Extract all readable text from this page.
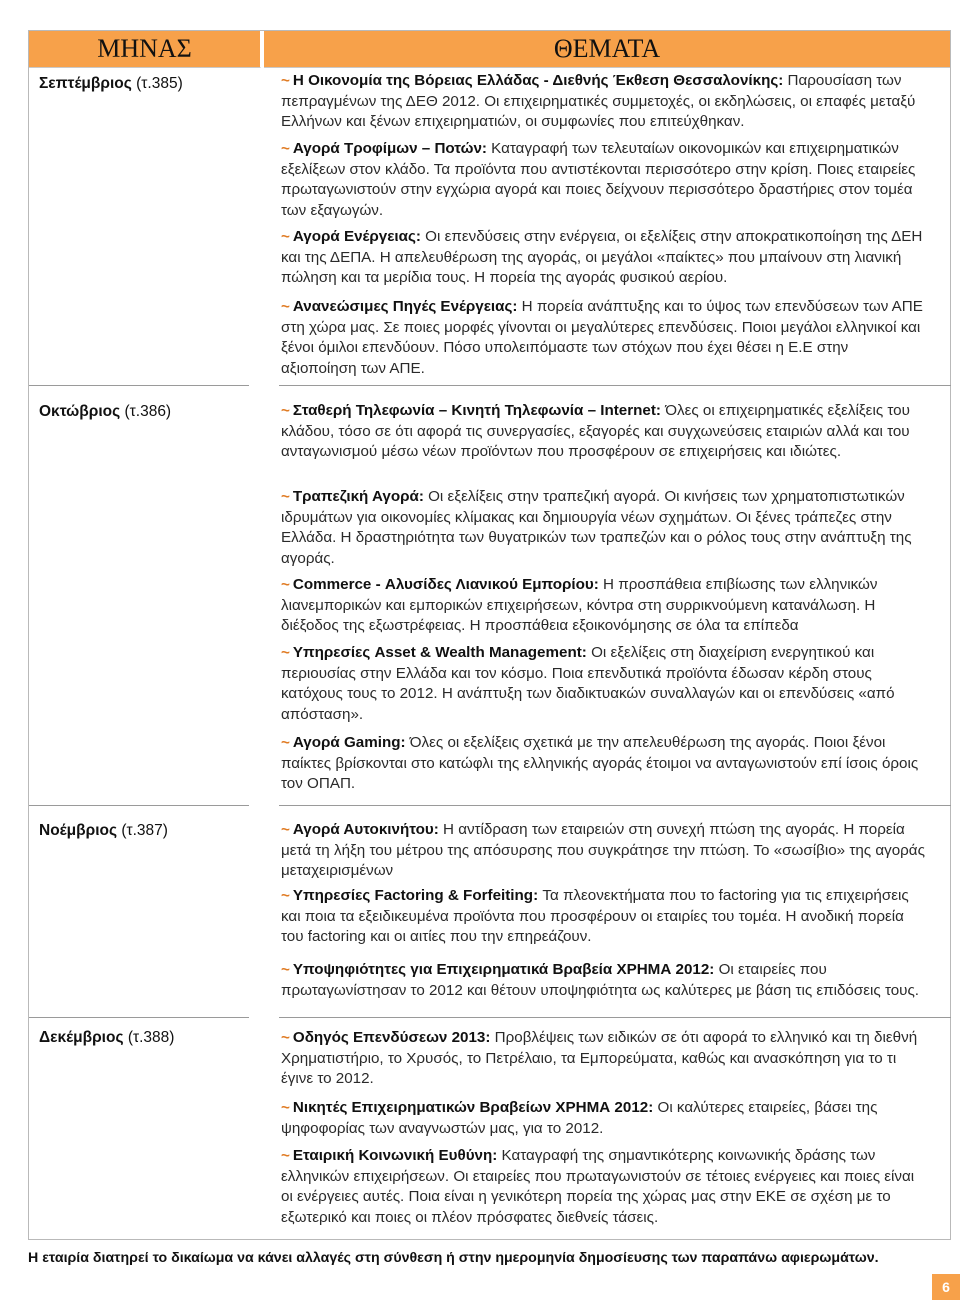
ΜΗΝΑΣ	ΘΕΜΑΤΑ
Σεπτέμβριος (τ.385)
Οκτώβριος (τ.386)
Νοέμβριος (τ.387)
Δεκέμβριος (τ.388)
~ Η Οικονομία της Βόρειας Ελλάδας - Διεθνής Έκθεση Θεσσαλονίκης: Παρουσίαση των πεπραγμένων της ΔΕΘ 2012. Οι επιχειρηματικές συμμετοχές, οι εκδηλώσεις, οι επαφές μεταξύ Ελλήνων και ξένων επιχειρηματιών, οι συμφωνίες που επιτεύχθηκαν.
~ Αγορά Τροφίμων – Ποτών: Καταγραφή των τελευταίων οικονομικών και επιχειρηματικών εξελίξεων στον κλάδο. Τα προϊόντα που αντιστέκονται περισσότερο στην κρίση. Ποιες εταιρείες πρωταγωνιστούν στην εγχώρια αγορά και ποιες δείχνουν περισσότερο δραστήριες στον τομέα των εξαγωγών.
~ Αγορά Ενέργειας: Οι επενδύσεις στην ενέργεια, οι εξελίξεις στην αποκρατικοποίηση της ΔΕΗ και της ΔΕΠΑ. Η απελευθέρωση της αγοράς, οι μεγάλοι «παίκτες» που μπαίνουν στη λιανική πώληση και τα μερίδια τους. Η πορεία της αγοράς φυσικού αερίου.
~ Ανανεώσιμες Πηγές Ενέργειας: Η πορεία ανάπτυξης και το ύψος των επενδύσεων των ΑΠΕ στη χώρα μας. Σε ποιες μορφές γίνονται οι μεγαλύτερες επενδύσεις. Ποιοι μεγάλοι ελληνικοί και ξένοι όμιλοι επενδύουν. Πόσο υπολειπόμαστε των στόχων που έχει θέσει η Ε.Ε στην αξιοποίηση των ΑΠΕ.
~ Σταθερή Τηλεφωνία – Κινητή Τηλεφωνία – Internet: Όλες οι επιχειρηματικές εξελίξεις του κλάδου, τόσο σε ότι αφορά τις συνεργασίες, εξαγορές και συγχωνεύσεις εταιριών αλλά και του ανταγωνισμού μέσω νέων προϊόντων που προσφέρουν σε επιχειρήσεις και ιδιώτες.
~ Τραπεζική Αγορά: Οι εξελίξεις στην τραπεζική αγορά. Οι κινήσεις των χρηματοπιστωτικών ιδρυμάτων για οικονομίες κλίμακας και δημιουργία νέων σχημάτων. Οι ξένες τράπεζες στην Ελλάδα. Η δραστηριότητα των θυγατρικών των τραπεζών και ο ρόλος τους στην ανάπτυξη της αγοράς.
~ Commerce - Αλυσίδες Λιανικού Εμπορίου: Η προσπάθεια επιβίωσης των ελληνικών λιανεμπορικών και εμπορικών επιχειρήσεων, κόντρα στη συρρικνούμενη κατανάλωση. Η διέξοδος της εξωστρέφειας. Η προσπάθεια εξοικονόμησης σε όλα τα επίπεδα
~ Υπηρεσίες Asset & Wealth Management: Οι εξελίξεις στη διαχείριση ενεργητικού και περιουσίας στην Ελλάδα και τον κόσμο. Ποια επενδυτικά προϊόντα έδωσαν κέρδη στους κατόχους τους το 2012. Η ανάπτυξη των διαδικτυακών συναλλαγών και οι επενδύσεις «από απόσταση».
~ Αγορά Gaming: Όλες οι εξελίξεις σχετικά με την απελευθέρωση της αγοράς. Ποιοι ξένοι παίκτες βρίσκονται στο κατώφλι της ελληνικής αγοράς έτοιμοι να ανταγωνιστούν επί ίσοις όροις τον ΟΠΑΠ.
~ Αγορά Αυτοκινήτου: Η αντίδραση των εταιρειών στη συνεχή πτώση της αγοράς. Η πορεία μετά τη λήξη του μέτρου της απόσυρσης που συγκράτησε την πτώση. Το «σωσίβιο» της αγοράς μεταχειρισμένων
~ Υπηρεσίες Factoring & Forfeiting: Τα πλεονεκτήματα που το factoring για τις επιχειρήσεις και ποια τα εξειδικευμένα προϊόντα που προσφέρουν οι εταιρίες του τομέα. Η ανοδική πορεία του factoring και οι αιτίες που την επηρεάζουν.
~ Υποψηφιότητες για Επιχειρηματικά Βραβεία ΧΡΗΜΑ 2012: Οι εταιρείες που πρωταγωνίστησαν το 2012 και θέτουν υποψηφιότητα ως καλύτερες με βάση τις επιδόσεις τους.
~ Οδηγός Επενδύσεων 2013: Προβλέψεις των ειδικών σε ότι αφορά το ελληνικό και τη διεθνή Χρηματιστήριο, το Χρυσός, το Πετρέλαιο, τα Εμπορεύματα, καθώς και ανασκόπηση για το τι έγινε το 2012.
~ Νικητές Επιχειρηματικών Βραβείων ΧΡΗΜΑ 2012: Οι καλύτερες εταιρείες, βάσει της ψηφοφορίας των αναγνωστών μας, για το 2012.
~ Εταιρική Κοινωνική Ευθύνη: Καταγραφή της σημαντικότερης κοινωνικής δράσης των ελληνικών επιχειρήσεων. Οι εταιρείες που πρωταγωνιστούν σε τέτοιες ενέργειες και ποιες είναι οι ενέργειες αυτές. Ποια είναι η γενικότερη πορεία της χώρας μας στην ΕΚΕ σε σχέση με το εξωτερικό και ποιες οι πλέον πρόσφατες διεθνείς τάσεις.
Η εταιρία διατηρεί το δικαίωμα να κάνει αλλαγές στη σύνθεση ή στην ημερομηνία δημοσίευσης των παραπάνω αφιερωμάτων.
6
